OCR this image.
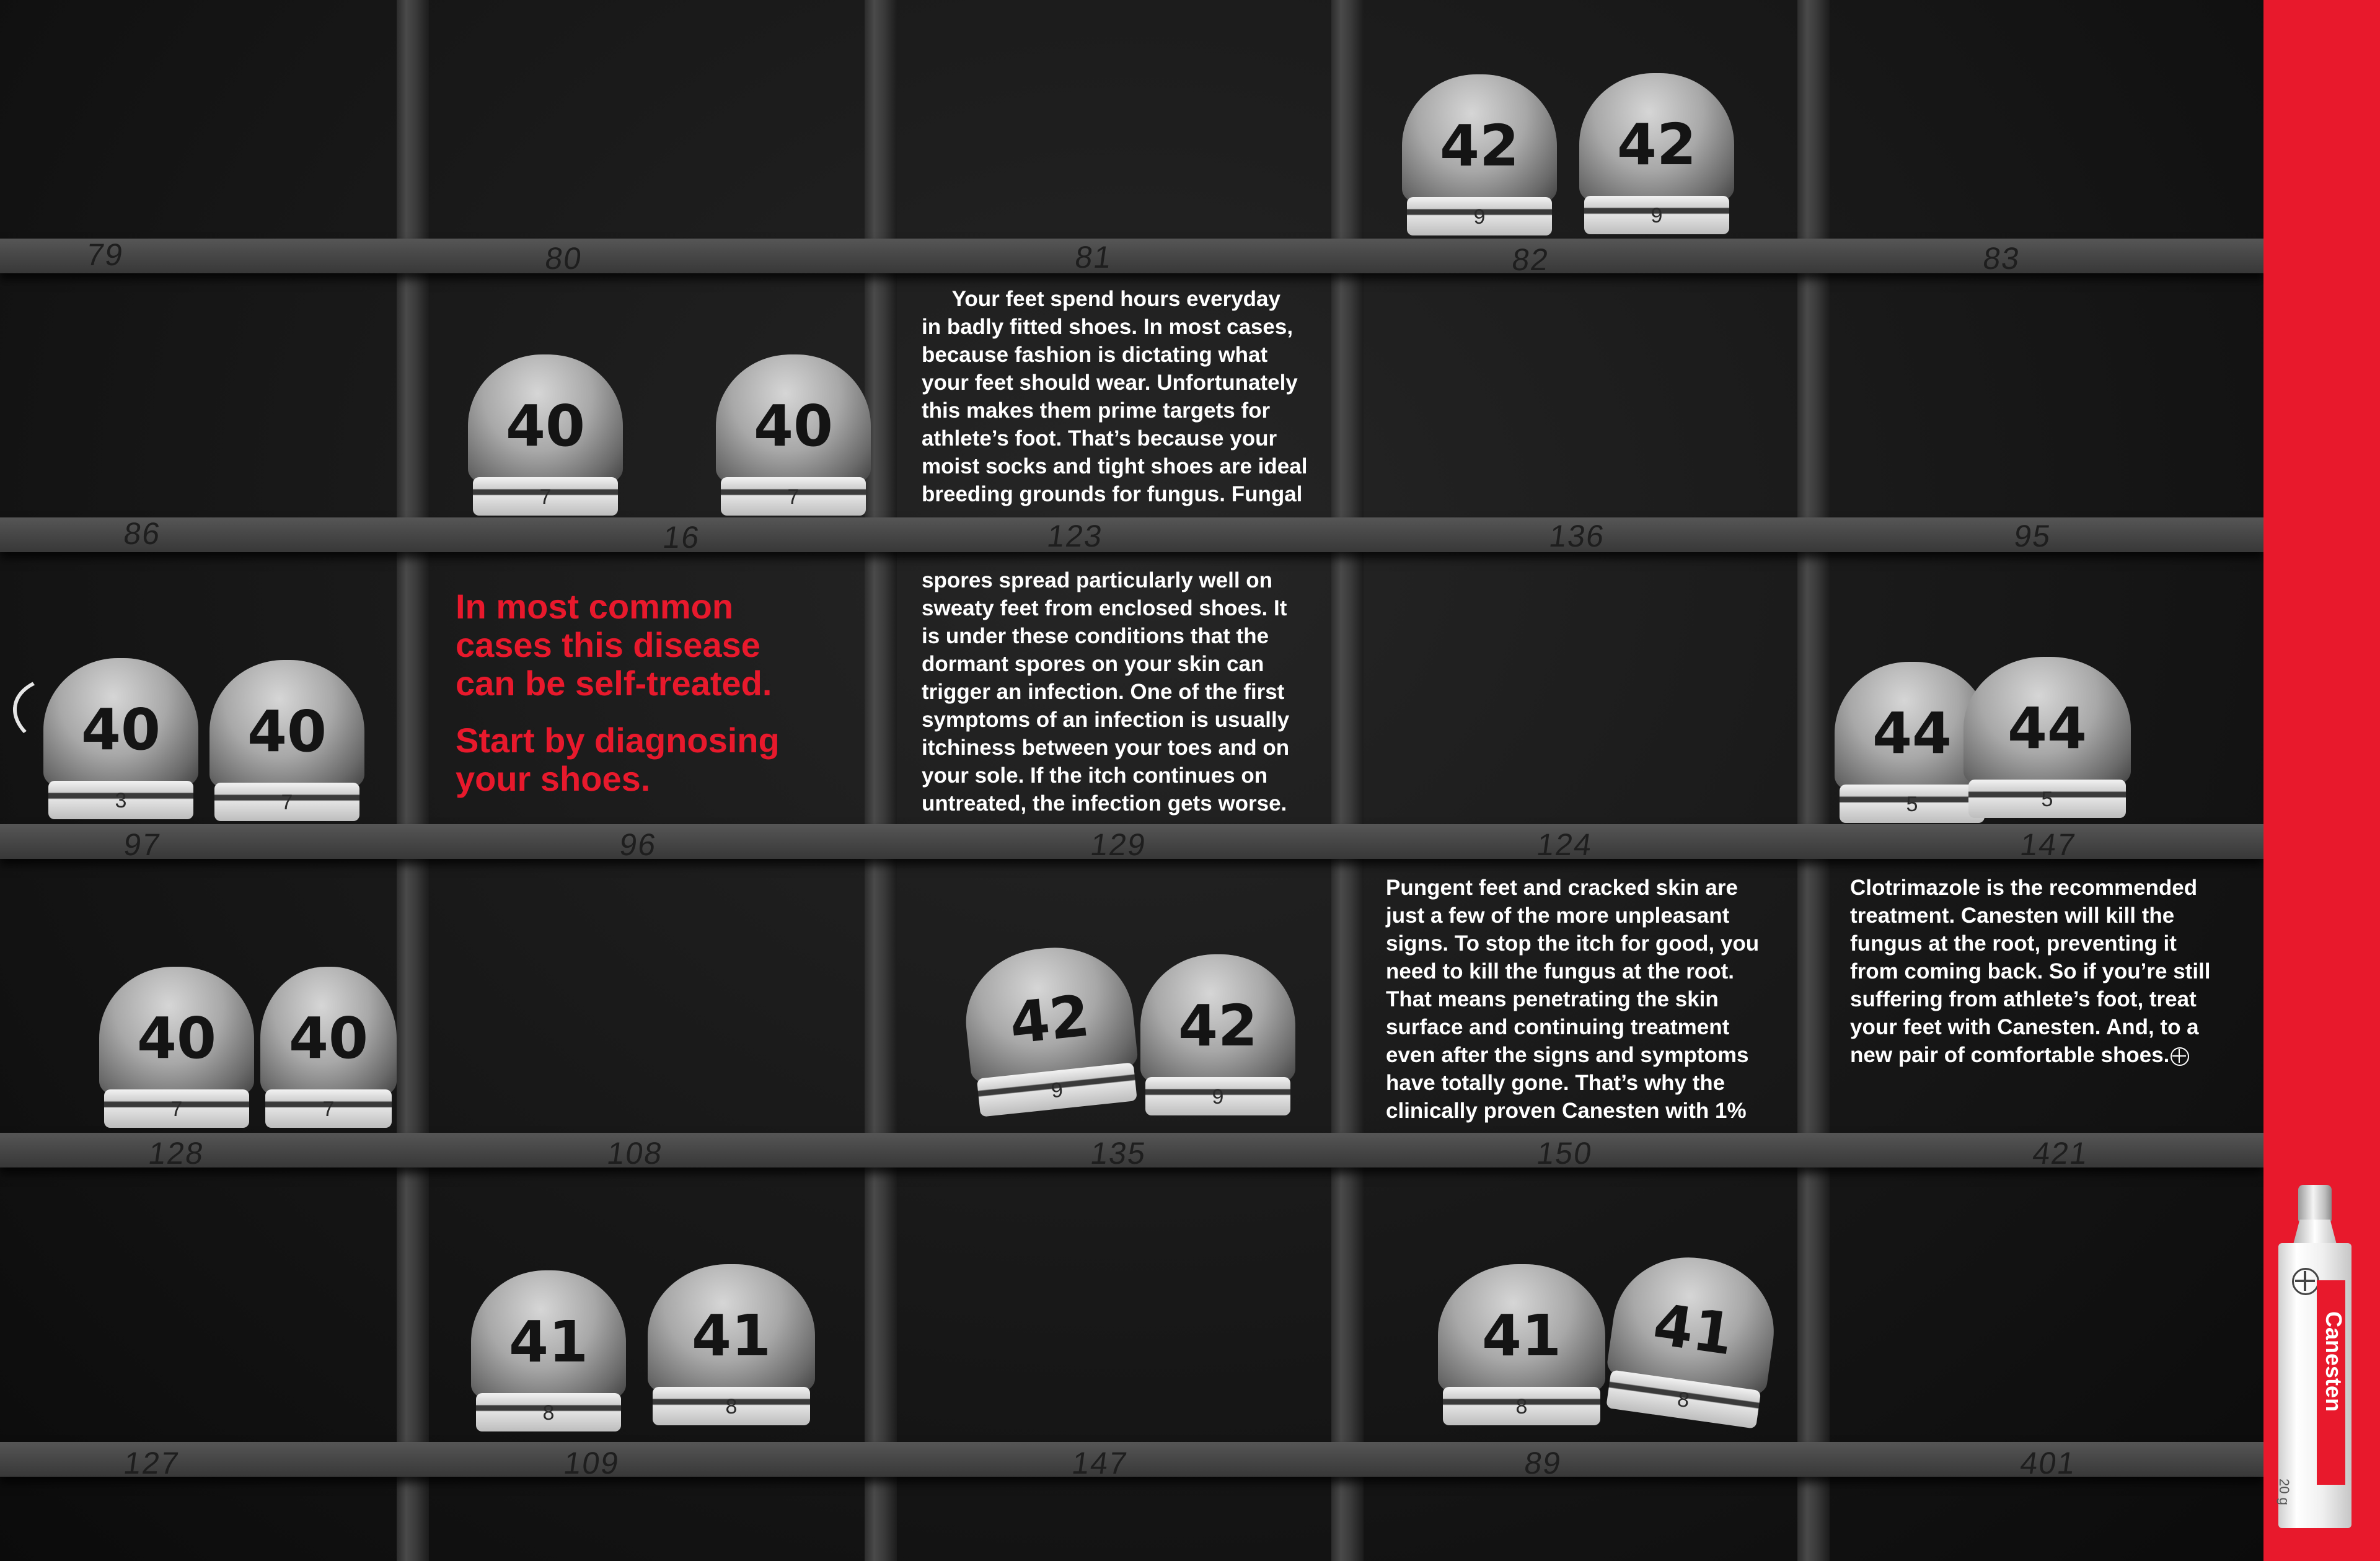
79	80	81	82	83
86	16	123	136	95
97	96	129	124	147
128	108	135	150	421
127	109	147	89	401
42
9
42
9
40
7
40
7
40
3
40
7
44
5
44
5
40
7
40
7
42
9
42
9
41
8
41
8
41
8
41
8
In most common
cases this disease
can be self-treated.
Start by diagnosing
your shoes.
Your feet spend hours everyday
in badly fitted shoes. In most cases,
because fashion is dictating what
your feet should wear. Unfortunately
this makes them prime targets for
athlete’s foot. That’s because your
moist socks and tight shoes are ideal
breeding grounds for fungus. Fungal
spores spread particularly well on
sweaty feet from enclosed shoes. It
is under these conditions that the
dormant spores on your skin can
trigger an infection. One of the first
symptoms of an infection is usually
itchiness between your toes and on
your sole. If the itch continues on
untreated, the infection gets worse.
Pungent feet and cracked skin are
just a few of the more unpleasant
signs. To stop the itch for good, you
need to kill the fungus at the root.
That means penetrating the skin
surface and continuing treatment
even after the signs and symptoms
have totally gone. That’s why the
clinically proven Canesten with 1%
Clotrimazole is the recommended
treatment. Canesten will kill the
fungus at the root, preventing it
from coming back. So if you’re still
suffering from athlete’s foot, treat
your feet with Canesten. And, to a
new pair of comfortable shoes.
Canesten
20 g
